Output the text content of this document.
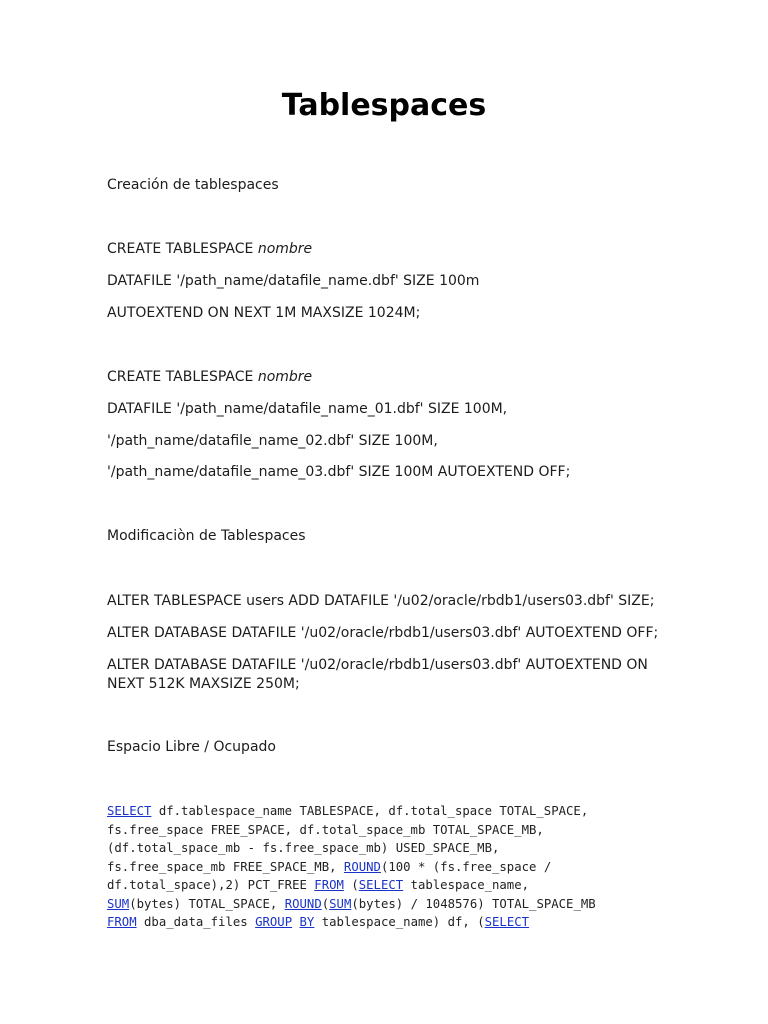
Tablespaces

Creación de tablespaces

CREATE TABLESPACE nombre

DATAFILE '/path_name/datafile_name.dbf' SIZE 100m

AUTOEXTEND ON NEXT 1M MAXSIZE 1024M;

CREATE TABLESPACE nombre

DATAFILE '/path_name/datafile_name_01.dbf' SIZE 100M,

'/path_name/datafile_name_02.dbf' SIZE 100M,

'/path_name/datafile_name_03.dbf' SIZE 100M AUTOEXTEND OFF;

Modificaciòn de Tablespaces

ALTER TABLESPACE users ADD DATAFILE '/u02/oracle/rbdb1/users03.dbf' SIZE;

ALTER DATABASE DATAFILE '/u02/oracle/rbdb1/users03.dbf' AUTOEXTEND OFF;

ALTER DATABASE DATAFILE '/u02/oracle/rbdb1/users03.dbf' AUTOEXTEND ON NEXT 512K MAXSIZE 250M;

Espacio Libre / Ocupado

SELECT df.tablespace_name TABLESPACE, df.total_space TOTAL_SPACE,
fs.free_space FREE_SPACE, df.total_space_mb TOTAL_SPACE_MB,
(df.total_space_mb - fs.free_space_mb) USED_SPACE_MB,
fs.free_space_mb FREE_SPACE_MB, ROUND(100 * (fs.free_space /
df.total_space),2) PCT_FREE FROM (SELECT tablespace_name,
SUM(bytes) TOTAL_SPACE, ROUND(SUM(bytes) / 1048576) TOTAL_SPACE_MB
FROM dba_data_files GROUP BY tablespace_name) df, (SELECT
